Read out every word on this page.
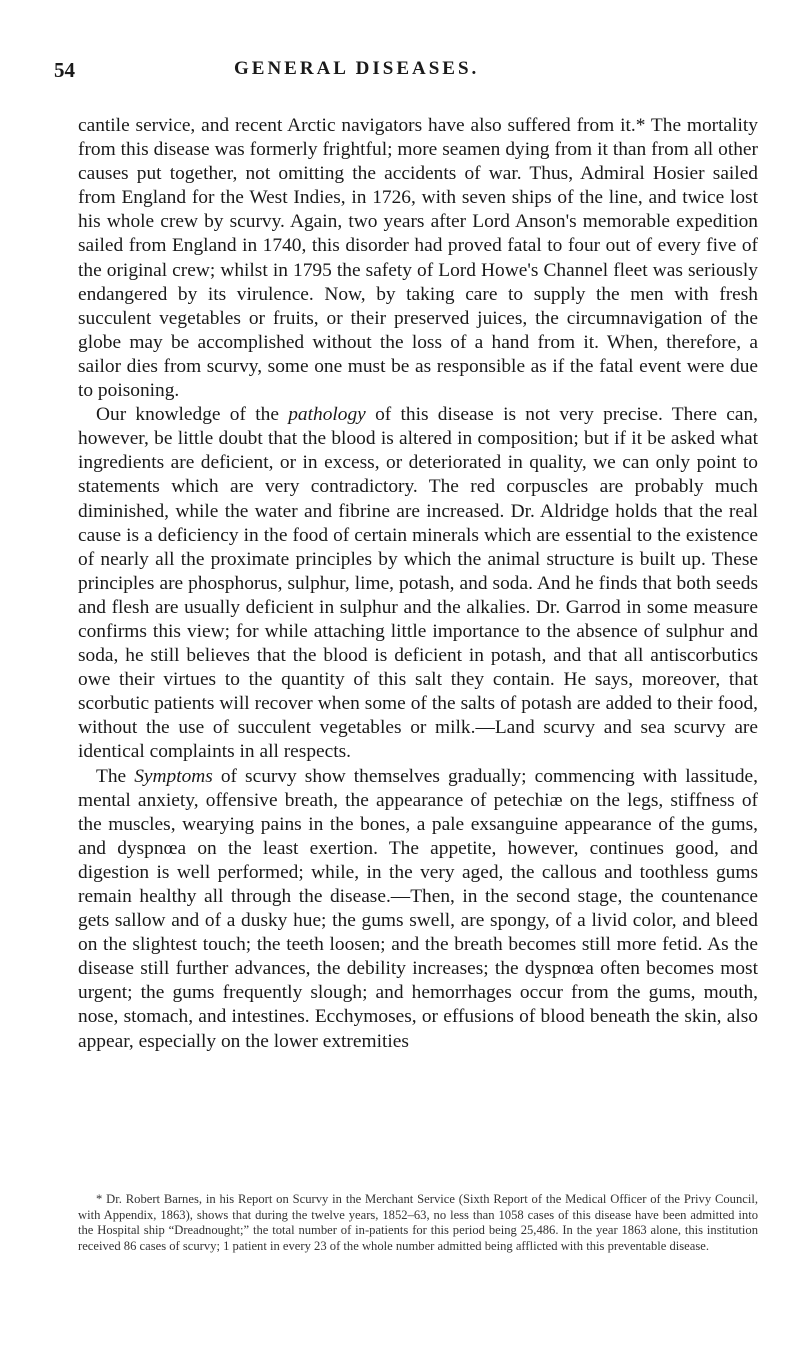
54	GENERAL DISEASES.

cantile service, and recent Arctic navigators have also suffered from it.* The mortality from this disease was formerly frightful; more seamen dying from it than from all other causes put together, not omitting the accidents of war. Thus, Admiral Hosier sailed from England for the West Indies, in 1726, with seven ships of the line, and twice lost his whole crew by scurvy. Again, two years after Lord Anson's memorable expedition sailed from England in 1740, this disorder had proved fatal to four out of every five of the original crew; whilst in 1795 the safety of Lord Howe's Channel fleet was seriously endangered by its virulence. Now, by taking care to supply the men with fresh succulent vegetables or fruits, or their preserved juices, the circumnavigation of the globe may be accomplished without the loss of a hand from it. When, therefore, a sailor dies from scurvy, some one must be as responsible as if the fatal event were due to poisoning.

Our knowledge of the pathology of this disease is not very precise. There can, however, be little doubt that the blood is altered in composition; but if it be asked what ingredients are deficient, or in excess, or deteriorated in quality, we can only point to statements which are very contradictory. The red corpuscles are probably much diminished, while the water and fibrine are increased. Dr. Aldridge holds that the real cause is a deficiency in the food of certain minerals which are essential to the existence of nearly all the proximate principles by which the animal structure is built up. These principles are phosphorus, sulphur, lime, potash, and soda. And he finds that both seeds and flesh are usually deficient in sulphur and the alkalies. Dr. Garrod in some measure confirms this view; for while attaching little importance to the absence of sulphur and soda, he still believes that the blood is deficient in potash, and that all antiscorbutics owe their virtues to the quantity of this salt they contain. He says, moreover, that scorbutic patients will recover when some of the salts of potash are added to their food, without the use of succulent vegetables or milk.—Land scurvy and sea scurvy are identical complaints in all respects.

The Symptoms of scurvy show themselves gradually; commencing with lassitude, mental anxiety, offensive breath, the appearance of petechiæ on the legs, stiffness of the muscles, wearying pains in the bones, a pale exsanguine appearance of the gums, and dyspnœa on the least exertion. The appetite, however, continues good, and digestion is well performed; while, in the very aged, the callous and toothless gums remain healthy all through the disease.—Then, in the second stage, the countenance gets sallow and of a dusky hue; the gums swell, are spongy, of a livid color, and bleed on the slightest touch; the teeth loosen; and the breath becomes still more fetid. As the disease still further advances, the debility increases; the dyspnœa often becomes most urgent; the gums frequently slough; and hemorrhages occur from the gums, mouth, nose, stomach, and intestines. Ecchymoses, or effusions of blood beneath the skin, also appear, especially on the lower extremities

* Dr. Robert Barnes, in his Report on Scurvy in the Merchant Service (Sixth Report of the Medical Officer of the Privy Council, with Appendix, 1863), shows that during the twelve years, 1852–63, no less than 1058 cases of this disease have been admitted into the Hospital ship “Dreadnought;” the total number of in-patients for this period being 25,486. In the year 1863 alone, this institution received 86 cases of scurvy; 1 patient in every 23 of the whole number admitted being afflicted with this preventable disease.
